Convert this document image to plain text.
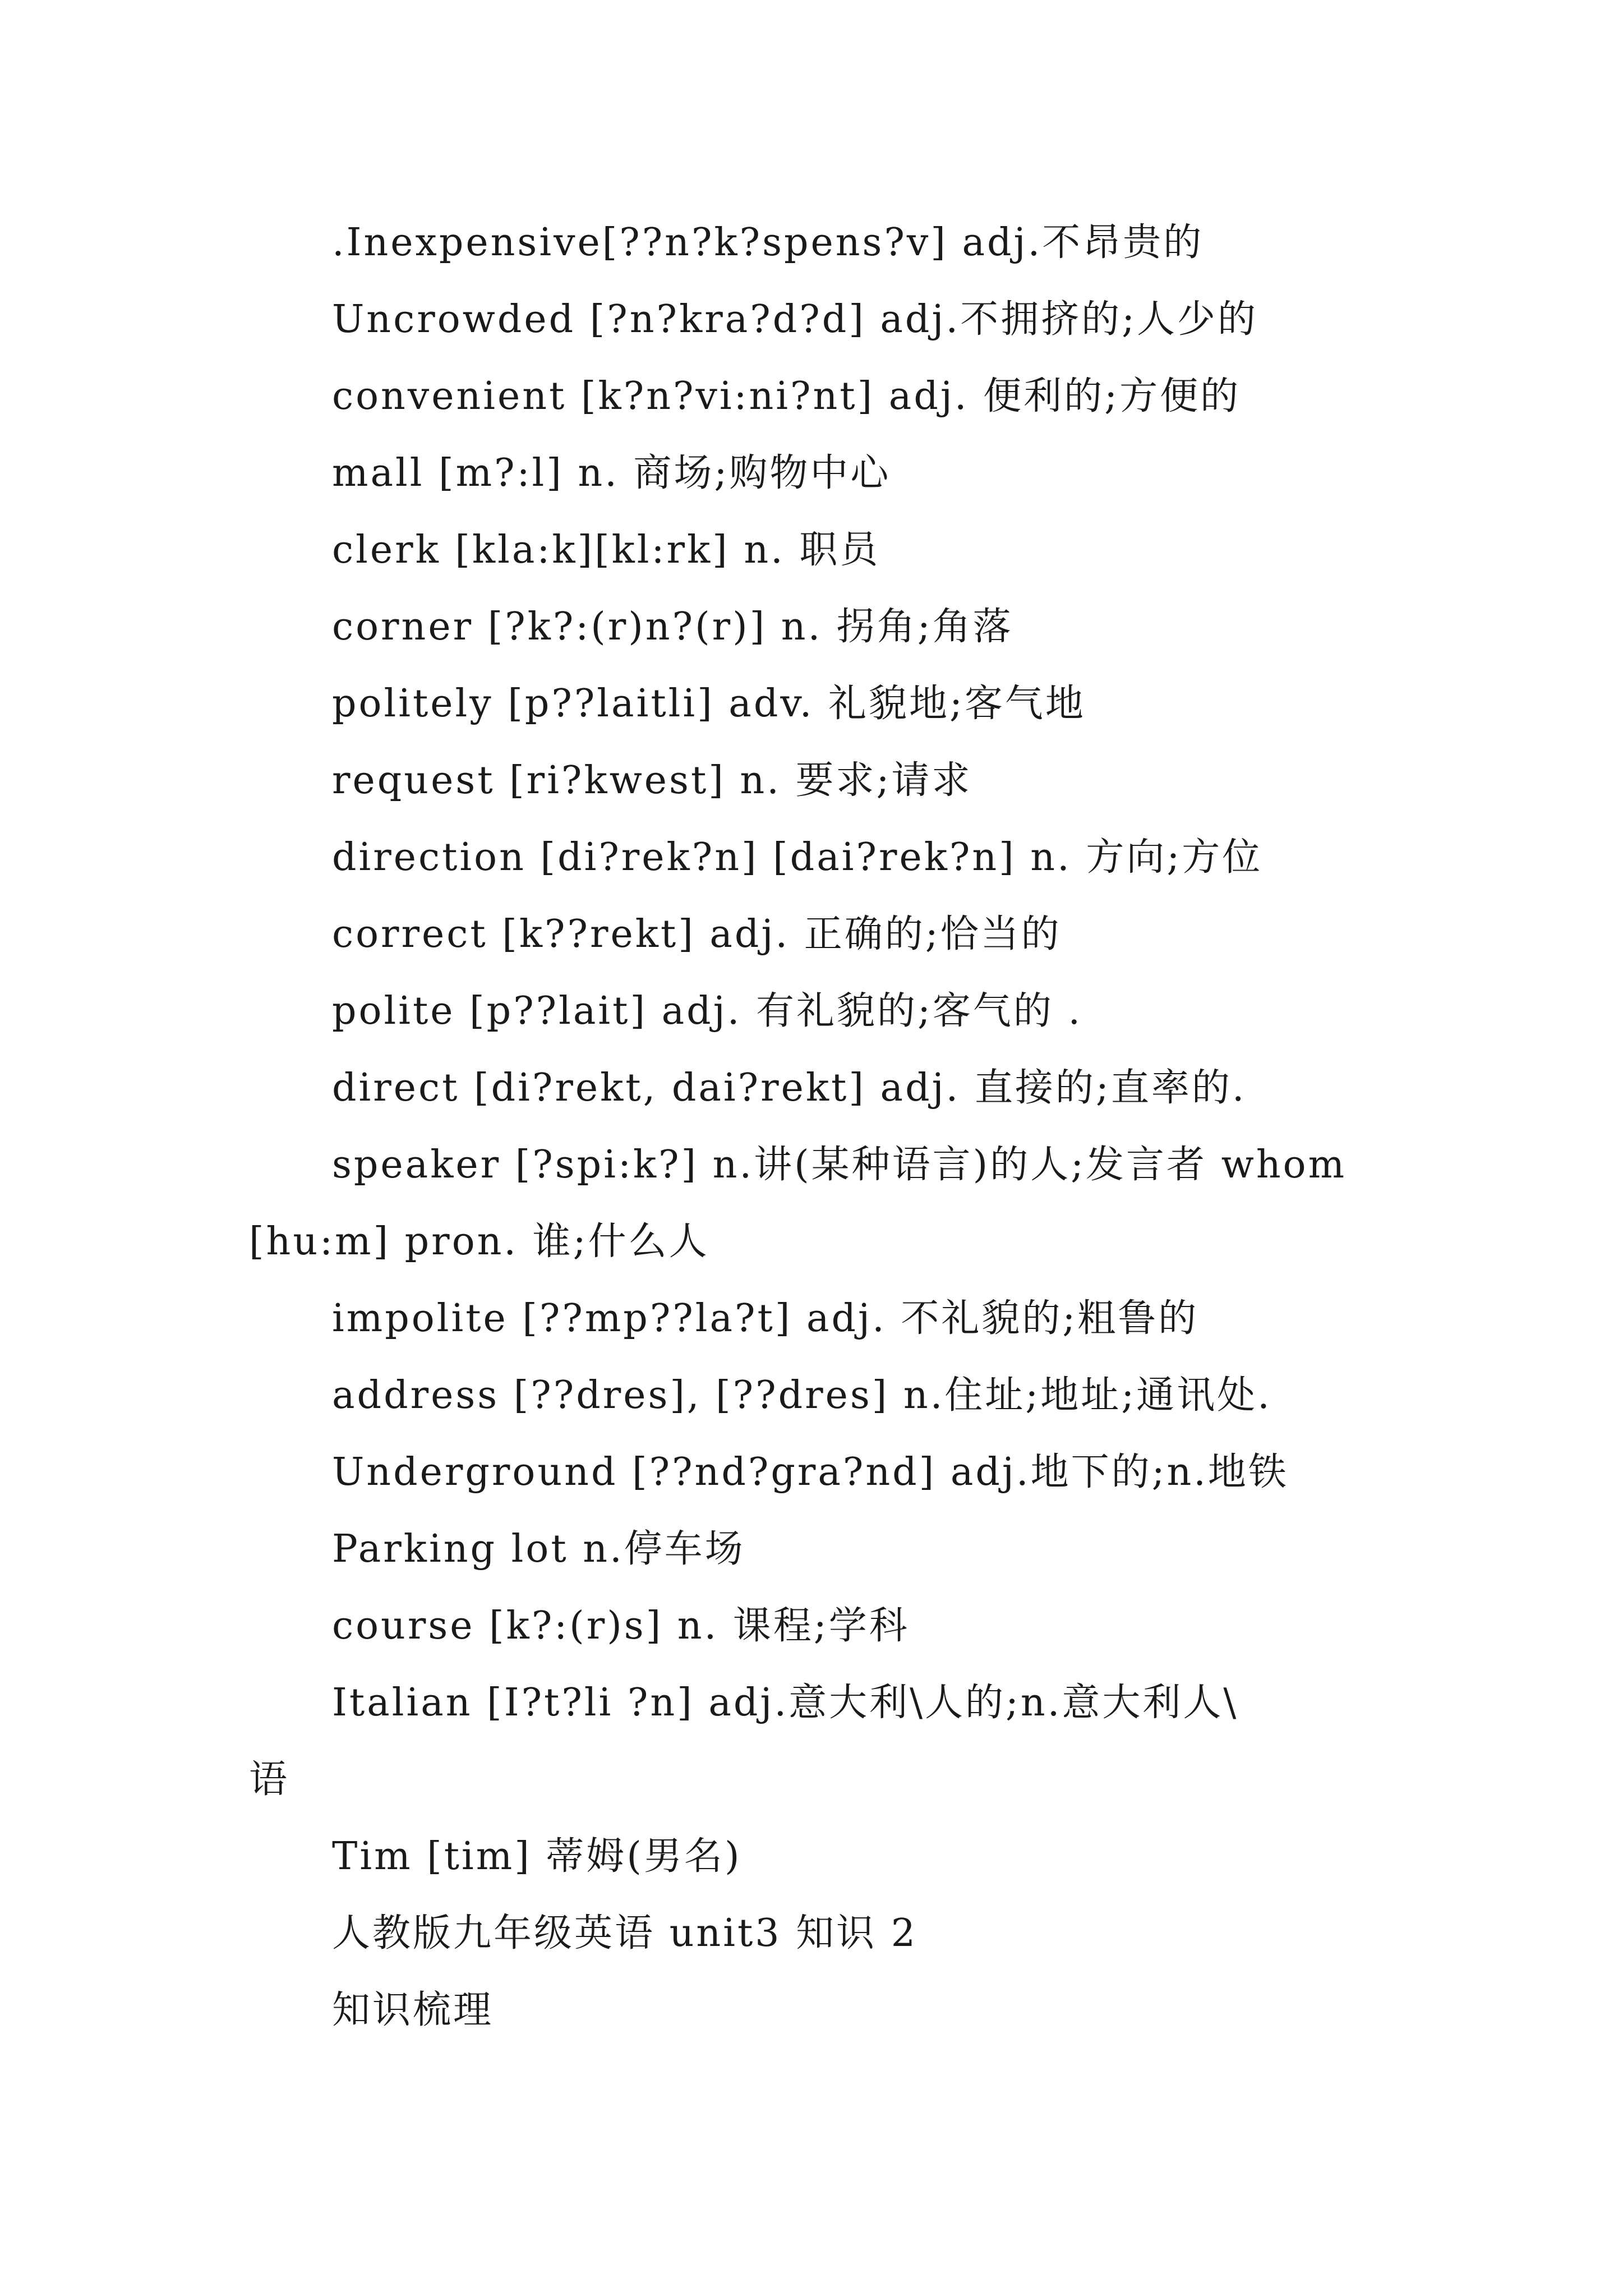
.Inexpensive[??n?k?spens?v] adj.不昂贵的
Uncrowded [?n?kra?d?d] adj.不拥挤的;人少的
convenient [k?n?vi:ni?nt] adj. 便利的;方便的
mall [m?:l] n. 商场;购物中心
clerk [kla:k][kl:rk] n. 职员
corner [?k?:(r)n?(r)] n. 拐角;角落
politely [p??laitli] adv. 礼貌地;客气地
request [ri?kwest] n. 要求;请求
direction [di?rek?n] [dai?rek?n] n. 方向;方位
correct [k??rekt] adj. 正确的;恰当的
polite [p??lait] adj. 有礼貌的;客气的 .
direct [di?rekt, dai?rekt] adj. 直接的;直率的.
speaker [?spi:k?] n.讲(某种语言)的人;发言者 whom
[hu:m] pron. 谁;什么人
impolite [??mp??la?t] adj. 不礼貌的;粗鲁的
address [??dres], [??dres] n.住址;地址;通讯处.
Underground [??nd?gra?nd] adj.地下的;n.地铁
Parking lot n.停车场
course [k?:(r)s] n. 课程;学科
Italian [I?t?li ?n] adj.意大利\人的;n.意大利人\
语
Tim [tim] 蒂姆(男名)
人教版九年级英语 unit3 知识 2
知识梳理
